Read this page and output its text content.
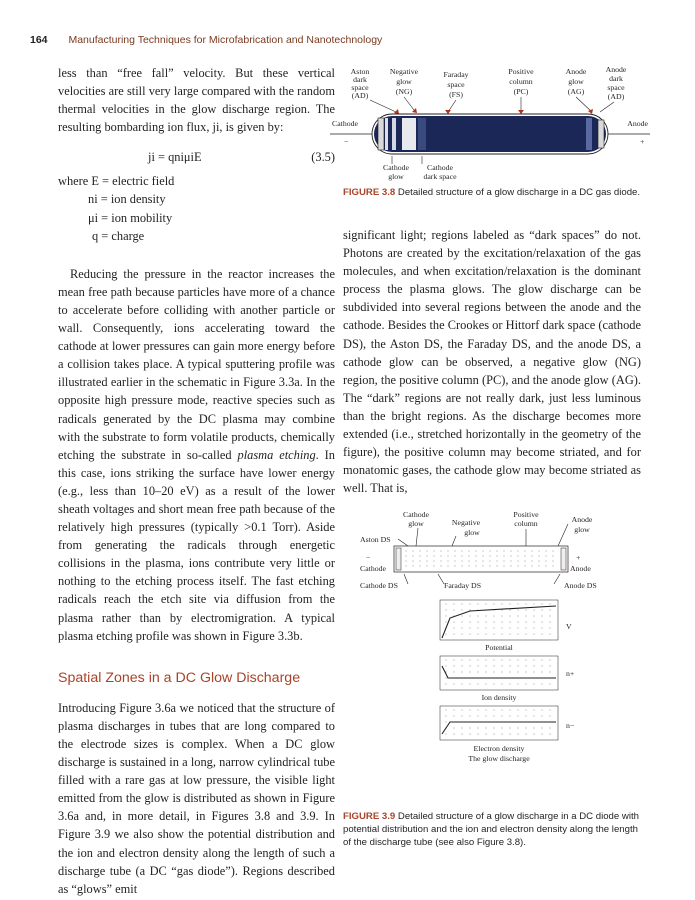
164 Manufacturing Techniques for Microfabrication and Nanotechnology

less than “free fall” velocity. But these vertical velocities are still very large compared with the random thermal velocities in the glow discharge region. The resulting bombarding ion flux, ji, is given by:

ji = qniμiE	(3.5)
where E = electric field
ni = ion density
μi = ion mobility
q = charge

Reducing the pressure in the reactor increases the mean free path because particles have more of a chance to accelerate before colliding with another particle or wall. Consequently, ions accelerating toward the cathode at lower pressures can gain more energy before a collision takes place. A typical sputtering profile was illustrated earlier in the schematic in Figure 3.3a. In the opposite high pressure mode, reactive species such as radicals generated by the DC plasma may combine with the substrate to form volatile products, chemically etching the substrate in so-called plasma etching. In this case, ions striking the surface have lower energy (e.g., less than 10–20 eV) as a result of the lower sheath voltages and short mean free path because of the relatively high pressures (typically >0.1 Torr). Aside from generating the radicals through energetic collisions in the plasma, ions contribute very little or nothing to the etching process itself. The fast etching radicals reach the etch site via diffusion from the plasma rather than by electromigration. A typical plasma etching profile was shown in Figure 3.3b.

Spatial Zones in a DC Glow Discharge

Introducing Figure 3.6a we noticed that the structure of plasma discharges in tubes that are long compared to the electrode sizes is complex. When a DC glow discharge is sustained in a long, narrow cylindrical tube filled with a rare gas at low pressure, the visible light emitted from the glow is distributed as shown in Figure 3.6a and, in more detail, in Figures 3.8 and 3.9. In Figure 3.9 we also show the potential distribution and the ion and electron density along the length of such a discharge tube (a DC “gas diode”). Regions described as “glows” emit

Aston
dark
space
(AD)
Negative
glow
(NG)
Faraday
space
(FS)
Positive
column
(PC)
Anode
glow
(AG)
Anode
dark
space
(AD)
Cathode
−
Anode
+
Cathode
glow
Cathode
dark space
FIGURE 3.8 Detailed structure of a glow discharge in a DC gas diode.

significant light; regions labeled as “dark spaces” do not. Photons are created by the excitation/relaxation of the gas molecules, and when excitation/relaxation is the dominant process the plasma glows. The glow discharge can be subdivided into several regions between the anode and the cathode. Besides the Crookes or Hittorf dark space (cathode DS), the Aston DS, the Faraday DS, and the anode DS, a cathode glow can be observed, a negative glow (NG) region, the positive column (PC), and the anode glow (AG). The “dark” regions are not really dark, just less luminous than the bright regions. As the discharge becomes more extended (i.e., stretched horizontally in the geometry of the figure), the positive column may become striated, and for monatomic gases, the cathode glow may become striated as well. That is,

Cathode
glow	Negative
glow
Positive
column	Anode
glow
Aston DS
−	+
Cathode	Anode
Cathode DS	Faraday DS	Anode DS
V
Potential
n+
Ion density
n−
Electron density
The glow discharge
FIGURE 3.9 Detailed structure of a glow discharge in a DC diode with potential distribution and the ion and electron density along the length of the discharge tube (see also Figure 3.8).
